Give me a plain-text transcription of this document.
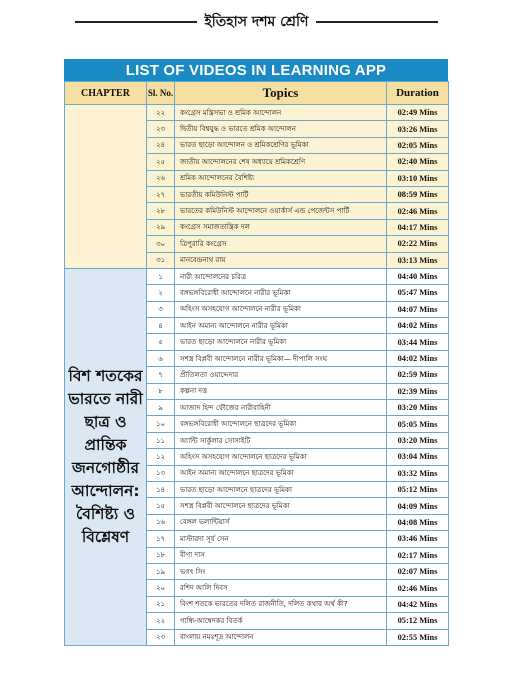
ইতিহাস দশম শ্রেণি
LIST OF VIDEOS IN LEARNING APP
CHAPTER	Sl. No.	Topics	Duration

	২২	কংগ্রেস মন্ত্রিসভা ও শ্রমিক আন্দোলন	02:49 Mins
	২৩	দ্বিতীয় বিশ্বযুদ্ধ ও ভারতে শ্রমিক আন্দোলন	03:26 Mins
	২৪	ভারত ছাড়ো আন্দোলন ও শ্রমিকশ্রেণির ভূমিকা	02:05 Mins
	২৫	জাতীয় আন্দোলনের শেষ অধ্যায়ে শ্রমিকশ্রেণি	02:40 Mins
	২৬	শ্রমিক আন্দোলনের বৈশিষ্ট্য	03:10 Mins
	২৭	ভারতীয় কমিউনিস্ট পার্টি	08:59 Mins
	২৮	ভারতের কমিউনিস্ট আন্দোলনে ওয়ার্কার্স এন্ড পেজেন্টস পার্টি	02:46 Mins
	২৯	কংগ্রেস সমাজতান্ত্রিক দল	04:17 Mins
	৩০	ত্রিপুরারি কংগ্রেস	02:22 Mins
	৩১	মানবেন্দ্রনাথ রায়	03:13 Mins

বিশ শতকের ভারতে নারী ছাত্র ও প্রান্তিক জনগোষ্ঠীর আন্দোলন: বৈশিষ্ট্য ও বিশ্লেষণ	১	নারী আন্দোলনের চরিত্র	04:40 Mins
	২	বঙ্গভঙ্গবিরোধী আন্দোলনে নারীর ভূমিকা	05:47 Mins
	৩	অহিংস অসহযোগ আন্দোলনে নারীর ভূমিকা	04:07 Mins
	৪	আইন অমান্য আন্দোলনে নারীর ভূমিকা	04:02 Mins
	৫	ভারত ছাড়ো আন্দোলনে নারীর ভূমিকা	03:44 Mins
	৬	সশস্ত্র বিপ্লবী আন্দোলনে নারীর ভূমিকা— দীপালি সংঘ	04:02 Mins
	৭	প্রীতিলতা ওয়াদ্দেদার	02:59 Mins
	৮	কল্পনা দত্ত	02:39 Mins
	৯	আজাদ হিন্দ ফৌজের নারীবাহিনী	03:20 Mins
	১০	বঙ্গভঙ্গবিরোধী আন্দোলনে ছাত্রদের ভূমিকা	05:05 Mins
	১১	অ্যান্টি সার্কুলার সোসাইটি	03:20 Mins
	১২	অহিংস অসহযোগ আন্দোলনে ছাত্রদের ভূমিকা	03:04 Mins
	১৩	আইন অমান্য আন্দোলনে ছাত্রদের ভূমিকা	03:32 Mins
	১৪	ভারত ছাড়ো আন্দোলনে ছাত্রদের ভূমিকা	05:12 Mins
	১৫	সশস্ত্র বিপ্লবী আন্দোলনে ছাত্রদের ভূমিকা	04:09 Mins
	১৬	বেঙ্গল ভলান্টিয়ার্স	04:08 Mins
	১৭	মাস্টারদা সূর্য সেন	03:46 Mins
	১৮	বীণা দাস	02:17 Mins
	১৯	ভগৎ সিং	02:07 Mins
	২০	রশিদ আলি দিবস	02:46 Mins
	২১	বিংশ শতকে ভারতের দলিত রাজনীতি, দলিত কথার অর্থ কী?	04:42 Mins
	২২	গান্ধি-আম্বেদকর বিতর্ক	05:12 Mins
	২৩	বাংলায় নমঃশূদ্র আন্দোলন	02:55 Mins
